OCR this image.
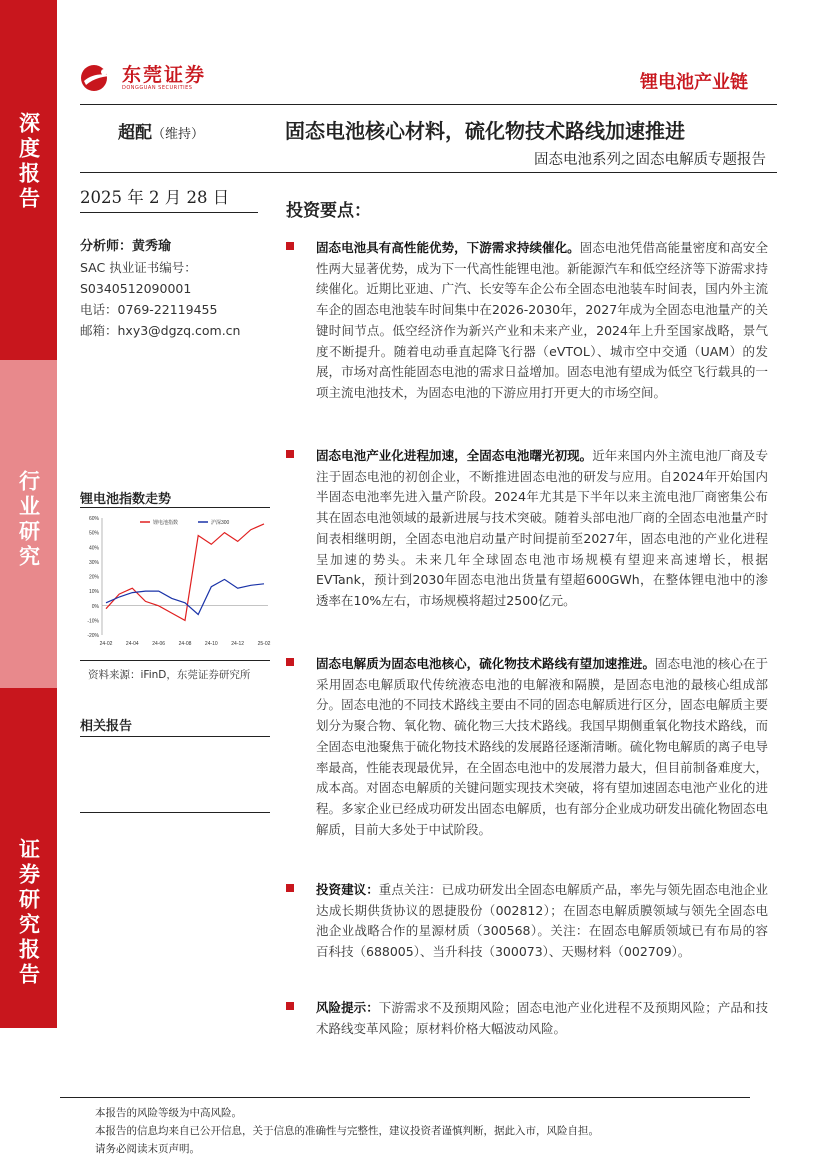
深度报告
行业研究
证券研究报告
东莞证券
DONGGUAN SECURITIES	锂电池产业链
超配（维持）	固态电池核心材料，硫化物技术路线加速推进
固态电池系列之固态电解质专题报告
2025 年 2 月 28 日
分析师：黄秀瑜
SAC 执业证书编号：
S0340512090001
电话：0769-22119455
邮箱：hxy3@dgzq.com.cn
锂电池指数走势
60%
50%
40%
30%
20%
10%
0%
-10%
-20%
24-02	24-04	24-06	24-08	24-10	24-12	25-02
锂电池指数	沪深300
资料来源：iFinD，东莞证券研究所
相关报告
投资要点：
固态电池具有高性能优势，下游需求持续催化。固态电池凭借高能量密度和高安全性两大显著优势，成为下一代高性能锂电池。新能源汽车和低空经济等下游需求持续催化。近期比亚迪、广汽、长安等车企公布全固态电池装车时间表，国内外主流车企的固态电池装车时间集中在2026-2030年，2027年成为全固态电池量产的关键时间节点。低空经济作为新兴产业和未来产业，2024年上升至国家战略，景气度不断提升。随着电动垂直起降飞行器（eVTOL）、城市空中交通（UAM）的发展，市场对高性能固态电池的需求日益增加。固态电池有望成为低空飞行载具的一项主流电池技术，为固态电池的下游应用打开更大的市场空间。
固态电池产业化进程加速，全固态电池曙光初现。近年来国内外主流电池厂商及专注于固态电池的初创企业，不断推进固态电池的研发与应用。自2024年开始国内半固态电池率先进入量产阶段。2024年尤其是下半年以来主流电池厂商密集公布其在固态电池领域的最新进展与技术突破。随着头部电池厂商的全固态电池量产时间表相继明朗，全固态电池启动量产时间提前至2027年，固态电池的产业化进程呈加速的势头。未来几年全球固态电池市场规模有望迎来高速增长，根据EVTank，预计到2030年固态电池出货量有望超600GWh，在整体锂电池中的渗透率在10%左右，市场规模将超过2500亿元。
固态电解质为固态电池核心，硫化物技术路线有望加速推进。固态电池的核心在于采用固态电解质取代传统液态电池的电解液和隔膜，是固态电池的最核心组成部分。固态电池的不同技术路线主要由不同的固态电解质进行区分，固态电解质主要划分为聚合物、氧化物、硫化物三大技术路线。我国早期侧重氧化物技术路线，而全固态电池聚焦于硫化物技术路线的发展路径逐渐清晰。硫化物电解质的离子电导率最高，性能表现最优异，在全固态电池中的发展潜力最大，但目前制备难度大，成本高。对固态电解质的关键问题实现技术突破，将有望加速固态电池产业化的进程。多家企业已经成功研发出固态电解质，也有部分企业成功研发出硫化物固态电解质，目前大多处于中试阶段。
投资建议：重点关注：已成功研发出全固态电解质产品，率先与领先固态电池企业达成长期供货协议的恩捷股份（002812）；在固态电解质膜领域与领先全固态电池企业战略合作的星源材质（300568）。关注：在固态电解质领域已有布局的容百科技（688005）、当升科技（300073）、天赐材料（002709）。
风险提示：下游需求不及预期风险；固态电池产业化进程不及预期风险；产品和技术路线变革风险；原材料价格大幅波动风险。
本报告的风险等级为中高风险。
本报告的信息均来自已公开信息，关于信息的准确性与完整性，建议投资者谨慎判断，据此入市，风险自担。
请务必阅读末页声明。
